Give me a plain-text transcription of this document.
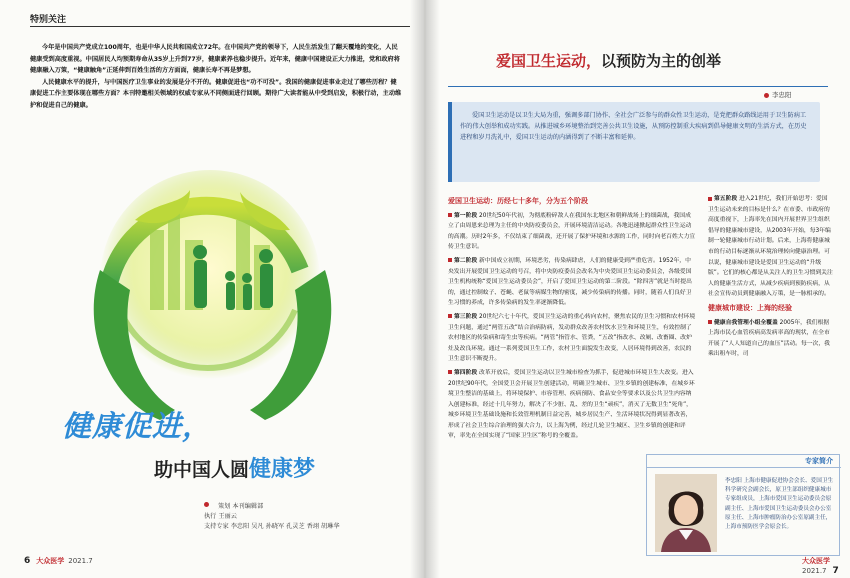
特别关注

今年是中国共产党成立100周年，也是中华人民共和国成立72年。在中国共产党的领导下，人民生活发生了翻天覆地的变化，人民健康受到高度重视。中国居民人均预期寿命从35岁上升到77岁，健康素养也稳步提升。近年来，健康中国建设正大力推进，党和政府将健康融入万策，“健康触角”正延伸到百姓生活的方方面面，健康长寿不再是梦想。

人民健康水平的提升，与中国医疗卫生事业的发展是分不开的。健康促进也“功不可没”。我国的健康促进事业走过了哪些历程？健康促进工作主要体现在哪些方面？本刊特邀相关领域的权威专家从不同侧面进行回顾。期待广大读者能从中受到启发，积极行动，主动维护和促进自己的健康。

健康促进，
助中国人圆健康梦
策划 本刊编辑部
执行 王丽云
支持专家 李忠阳 吴凡 孙晓军 孔灵芝 香翊 胡琳华
6 大众医学 2021.7
爱国卫生运动，以预防为主的创举
李忠阳
爱国卫生运动是以卫生大局为重，强调多部门协作、全社会广泛参与的群众性卫生运动，是党把群众路线运用于卫生防病工作的伟大创举和成功实践。从推进城乡环境整治到完善公共卫生设施，从预防控制重大疾病到倡导健康文明的生活方式，在历史进程和岁月洗礼中，爱国卫生运动的内涵得到了不断丰富和延伸。
爱国卫生运动：历经七十多年，分为五个阶段
第一阶段 20世纪50年代初，为彻底粉碎敌人在我国东北地区和朝鲜战场上的细菌战，我国成立了由周恩来总理为主任的中央防疫委员会，开展环境清洁运动。各地迅速掀起群众性卫生运动的高潮。历时2年多，不仅结束了细菌战，还开展了保护环境和水源的工作，同时向老百姓大力宣传卫生意识。
第二阶段 新中国成立初期，环境恶劣，传染病肆虐，人们的健康受到严重危害。1952年，中央发出开展爱国卫生运动的号召，将中央防疫委员会改名为中央爱国卫生运动委员会，各级爱国卫生机构统称“爱国卫生运动委员会”，开启了爱国卫生运动的第二阶段。“除四害”就是当时提出的，通过控制蚊子、苍蝇、老鼠等病媒生物的密度，减少传染病的传播。同时，随着人们良好卫生习惯的养成，许多传染病的发生率逐渐降低。
第三阶段 20世纪六七十年代，爱国卫生运动的重心转向农村，聚焦农民的卫生习惯和农村环境卫生问题，通过“两管五改”结合治病防病，发动群众改善农村饮水卫生和环境卫生，有效控制了农村地区的传染病和寄生虫等疾病。“两管”指管水、管粪，“五改”指改水、改厕、改畜圈、改炉灶及改良环境。通过一系列爱国卫生工作，农村卫生面貌发生改变，人居环境得到改善，农民的卫生意识不断提升。
第四阶段 改革开放后，爱国卫生运动以卫生城市检查为抓手，促进城市环境卫生大改变。进入20世纪90年代，全国爱卫会开展卫生创建活动，明确卫生城市、卫生乡镇的创建标准，在城乡环境卫生整洁的基础上，将环境保护、市容管理、疾病预防、食品安全等要求以及公共卫生内容纳入创建标准，经过十几年努力，解决了不少脏、乱、差的卫生“顽疾”，消灭了无数卫生“死角”，城乡环境卫生基础设施和长效管理机制日益完善，城乡居民生产、生活环境状况得到显著改善，形成了社会卫生综合治理的强大合力，以上海为例，经过几轮卫生城区、卫生乡镇的创建和评审，率先在全国实现了“国家卫生区”称号的全覆盖。
第五阶段 进入21世纪，我们开始思考：爱国卫生运动未来的目标是什么？在市委、市政府的高度重视下，上海率先在国内开展世界卫生组织倡导的健康城市建设，从2003年开始，每3年编制一轮健康城市行动计划。后来，上海将健康城市的行动目标逐渐从环境治理转向健康治理。可以说，健康城市建设是爱国卫生运动的“升级版”。它们的核心都是从关注人的卫生习惯到关注人的健康生活方式，从减少疾病到预防疾病，从社会宣传动员到健康融入万策，是一脉相承的。
健康城市建设：上海的经验
健康自我管理小组全覆盖 2005年，我们根据上海市民心血管疾病高发病率高的现状，在全市开展了“人人知道自己的血压”活动。每一次，我乘出租车时，司
专家简介
李忠阳 上海市健康促进协会会长、爱国卫生科学研究会副会长，原卫生部组织健康城市专家组成员，上海市爱国卫生运动委员会原副主任、上海市爱国卫生运动委员会办公室原主任、上海市肿瘤防治办公室原副主任，上海市预防医学会原会长。
大众医学2021.7 7
